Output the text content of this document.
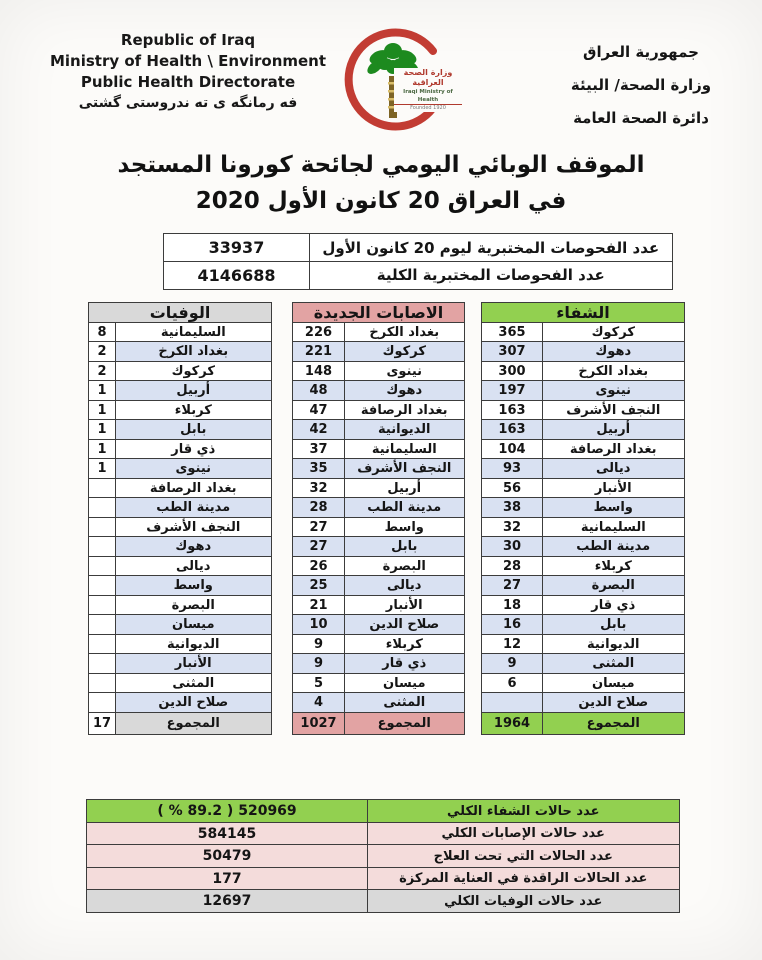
Republic of Iraq
Ministry of Health \ Environment
Public Health Directorate
فه رمانگه ی ته ندروستی گشتی
وزارة الصحة العراقية
Iraqi Ministry of Health
Founded 1920
جمهورية العراق
وزارة الصحة/ البيئة
دائرة الصحة العامة
الموقف الوبائي اليومي لجائحة كورونا المستجد
في العراق 20 كانون الأول 2020
33937	عدد الفحوصات المختبرية ليوم 20 كانون الأول
4146688	عدد الفحوصات المختبرية الكلية
الوفيات
8	السليمانية
2	بغداد الكرخ
2	كركوك
1	أربيل
1	كربلاء
1	بابل
1	ذي قار
1	نينوى
بغداد الرصافة
مدينة الطب
النجف الأشرف
دهوك
ديالى
واسط
البصرة
ميسان
الديوانية
الأنبار
المثنى
صلاح الدين
17	المجموع
الاصابات الجديدة
226	بغداد الكرخ
221	كركوك
148	نينوى
48	دهوك
47	بغداد الرصافة
42	الديوانية
37	السليمانية
35	النجف الأشرف
32	أربيل
28	مدينة الطب
27	واسط
27	بابل
26	البصرة
25	ديالى
21	الأنبار
10	صلاح الدين
9	كربلاء
9	ذي قار
5	ميسان
4	المثنى
1027	المجموع
الشفاء
365	كركوك
307	دهوك
300	بغداد الكرخ
197	نينوى
163	النجف الأشرف
163	أربيل
104	بغداد الرصافة
93	ديالى
56	الأنبار
38	واسط
32	السليمانية
30	مدينة الطب
28	كربلاء
27	البصرة
18	ذي قار
16	بابل
12	الديوانية
9	المثنى
6	ميسان
صلاح الدين
1964	المجموع
520969 ( 89.2 % )	عدد حالات الشفاء الكلي
584145	عدد حالات الإصابات الكلي
50479	عدد الحالات التي تحت العلاج
177	عدد الحالات الراقدة في العناية المركزة
12697	عدد حالات الوفيات الكلي
